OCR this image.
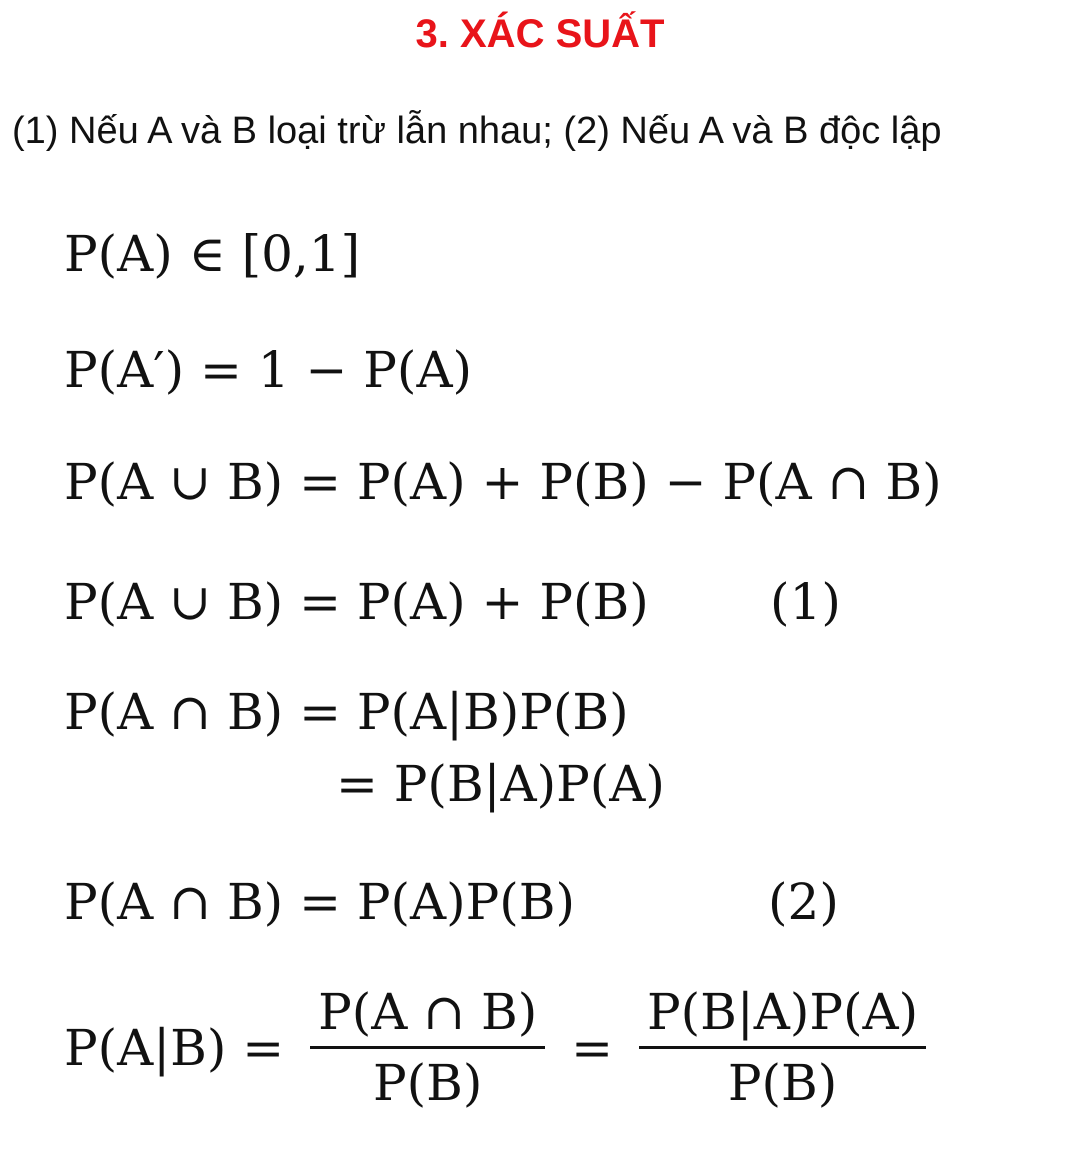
3. XÁC SUẤT
(1) Nếu A và B loại trừ lẫn nhau; (2) Nếu A và B độc lập
P(A) ∈ [0,1]
P(A′) = 1 − P(A)
P(A ∪ B) = P(A) + P(B) − P(A ∩ B)
P(A ∪ B) = P(A) + P(B) (1)
P(A ∩ B) = P(A|B)P(B)
= P(B|A)P(A)
P(A ∩ B) = P(A)P(B)	(2)
$P(A|B) = \frac{P(A \cap B)}{P(B)} = \frac{P(B|A)P(A)}{P(B)}$
